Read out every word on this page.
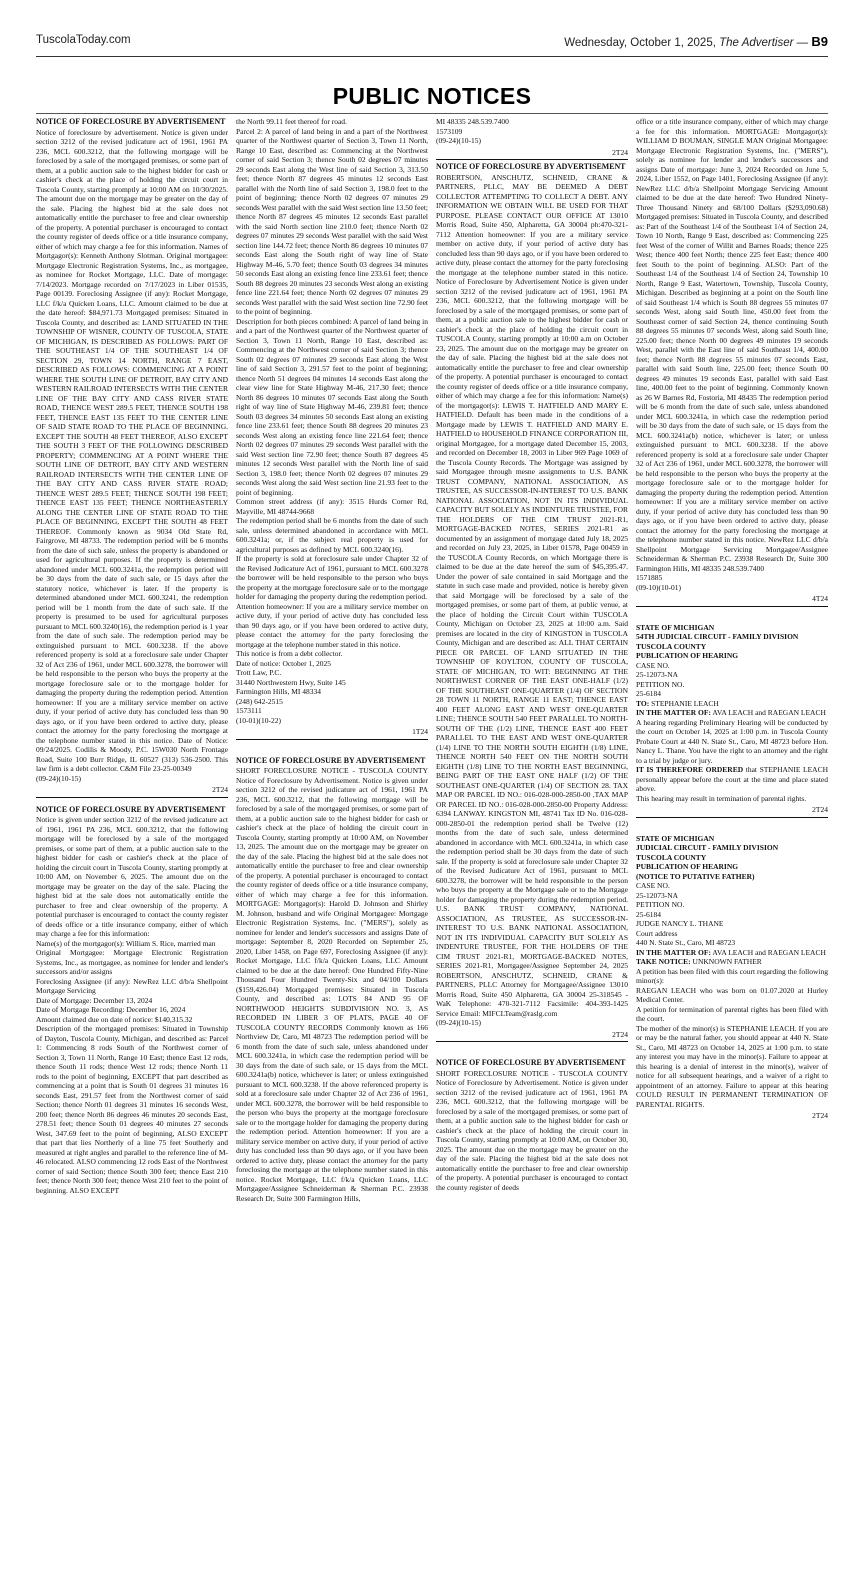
TuscolaToday.com	Wednesday, October 1, 2025, The Advertiser — B9
PUBLIC NOTICES

NOTICE OF FORECLOSURE BY ADVERTISEMENT

Notice of foreclosure by advertisement. Notice is given under section 3212 of the revised judicature act of 1961, 1961 PA 236, MCL 600.3212, that the following mortgage will be foreclosed by a sale of the mortgaged premises, or some part of them, at a public auction sale to the highest bidder for cash or cashier's check at the place of holding the circuit court in Tuscola County, starting promptly at 10:00 AM on 10/30/2025. The amount due on the mortgage may be greater on the day of the sale. Placing the highest bid at the sale does not automatically entitle the purchaser to free and clear ownership of the property. A potential purchaser is encouraged to contact the county register of deeds office or a title insurance company, either of which may charge a fee for this information. Names of Mortgagor(s): Kenneth Anthony Slotman. Original mortgagee: Mortgage Electronic Registration Systems, Inc., as mortgagee, as nominee for Rocket Mortgage, LLC. Date of mortgage: 7/14/2023. Mortgage recorded on 7/17/2023 in Liber 01535, Page 00139. Foreclosing Assignee (if any): Rocket Mortgage, LLC f/k/a Quicken Loans, LLC. Amount claimed to be due at the date hereof: $84,971.73 Mortgaged premises: Situated in Tuscola County, and described as: LAND SITUATED IN THE TOWNSHIP OF WISNER, COUNTY OF TUSCOLA, STATE OF MICHIGAN, IS DESCRIBED AS FOLLOWS: PART OF THE SOUTHEAST 1/4 OF THE SOUTHEAST 1/4 OF SECTION 29, TOWN 14 NORTH, RANGE 7 EAST, DESCRIBED AS FOLLOWS: COMMENCING AT A POINT WHERE THE SOUTH LINE OF DETROIT, BAY CITY AND WESTERN RAILROAD INTERSECTS WITH THE CENTER LINE OF THE BAY CITY AND CASS RIVER STATE ROAD, THENCE WEST 289.5 FEET, THENCE SOUTH 198 FEET, THENCE EAST 135 FEET TO THE CENTER LINE OF SAID STATE ROAD TO THE PLACE OF BEGINNING. EXCEPT THE SOUTH 48 FEET THEREOF, ALSO EXCEPT THE SOUTH 3 FEET OF THE FOLLOWING DESCRIBED PROPERTY; COMMENCING AT A POINT WHERE THE SOUTH LINE OF DETROIT, BAY CITY AND WESTERN RAILROAD INTERSECTS WITH THE CENTER LINE OF THE BAY CITY AND CASS RIVER STATE ROAD; THENCE WEST 289.5 FEET; THENCE SOUTH 198 FEET; THENCE EAST 135 FEET; THENCE NORTHEASTERLY ALONG THE CENTER LINE OF STATE ROAD TO THE PLACE OF BEGINNING, EXCEPT THE SOUTH 48 FEET THEREOF. Commonly known as 9034 Old State Rd, Fairgrove, MI 48733. The redemption period will be 6 months from the date of such sale, unless the property is abandoned or used for agricultural purposes. If the property is determined abandoned under MCL 600.3241a, the redemption period will be 30 days from the date of such sale, or 15 days after the statutory notice, whichever is later. If the property is determined abandoned under MCL 600.3241, the redemption period will be 1 month from the date of such sale. If the property is presumed to be used for agricultural purposes pursuant to MCL 600.3240(16), the redemption period is 1 year from the date of such sale. The redemption period may be extinguished pursuant to MCL 600.3238. If the above referenced property is sold at a foreclosure sale under Chapter 32 of Act 236 of 1961, under MCL 600.3278, the borrower will be held responsible to the person who buys the property at the mortgage foreclosure sale or to the mortgage holder for damaging the property during the redemption period. Attention homeowner: If you are a military service member on active duty, if your period of active duty has concluded less than 90 days ago, or if you have been ordered to active duty, please contact the attorney for the party foreclosing the mortgage at the telephone number stated in this notice. Date of Notice: 09/24/2025. Codilis & Moody, P.C. 15W030 North Frontage Road, Suite 100 Burr Ridge, IL 60527 (313) 536-2500. This law firm is a debt collector. C&M File 23-25-00349

(09-24)(10-15)

2T24

NOTICE OF FORECLOSURE BY ADVERTISEMENT

Notice is given under section 3212 of the revised judicature act of 1961, 1961 PA 236, MCL 600.3212, that the following mortgage will be foreclosed by a sale of the mortgaged premises, or some part of them, at a public auction sale to the highest bidder for cash or cashier's check at the place of holding the circuit court in Tuscola County, starting promptly at 10:00 AM, on November 6, 2025. The amount due on the mortgage may be greater on the day of the sale. Placing the highest bid at the sale does not automatically entitle the purchaser to free and clear ownership of the property. A potential purchaser is encouraged to contact the county register of deeds office or a title insurance company, either of which may charge a fee for this information:

Name(s) of the mortgagor(s): William S. Rice, married man

Original Mortgagee: Mortgage Electronic Registration Systems, Inc., as mortgagee, as nominee for lender and lender's successors and/or assigns

Foreclosing Assignee (if any): NewRez LLC d/b/a Shellpoint Mortgage Servicing

Date of Mortgage: December 13, 2024

Date of Mortgage Recording: December 16, 2024

Amount claimed due on date of notice: $140,315.32

Description of the mortgaged premises: Situated in Township of Dayton, Tuscola County, Michigan, and described as: Parcel 1: Commencing 8 rods South of the Northwest corner of Section 3, Town 11 North, Range 10 East; thence East 12 rods, thence South 11 rods; thence West 12 rods; thence North 11 rods to the point of beginning, EXCEPT that part described as commencing at a point that is South 01 degrees 31 minutes 16 seconds East, 291.57 feet from the Northwest corner of said Section; thence North 01 degrees 31 minutes 16 seconds West, 200 feet; thence North 86 degrees 46 minutes 20 seconds East, 278.51 feet; thence South 01 degrees 40 minutes 27 seconds West, 347.69 feet to the point of beginning, ALSO EXCEPT that part that lies Northerly of a line 75 feet Southerly and measured at right angles and parallel to the reference line of M-46 relocated. ALSO commencing 12 rods East of the Northwest corner of said Section; thence South 300 feet; thence East 210 feet; thence North 300 feet; thence West 210 feet to the point of beginning. ALSO EXCEPT

the North 99.11 feet thereof for road.

Parcel 2: A parcel of land being in and a part of the Northwest quarter of the Northwest quarter of Section 3, Town 11 North, Range 10 East, described as: Commencing at the Northwest corner of said Section 3; thence South 02 degrees 07 minutes 29 seconds East along the West line of said Section 3, 313.50 feet; thence North 87 degrees 45 minutes 12 seconds East parallel with the North line of said Section 3, 198.0 feet to the point of beginning; thence North 02 degrees 07 minutes 29 seconds West parallel with the said West section line 13.50 feet; thence North 87 degrees 45 minutes 12 seconds East parallel with the said North section line 210.0 feet; thence North 02 degrees 07 minutes 29 seconds West parallel with the said West section line 144.72 feet; thence North 86 degrees 10 minutes 07 seconds East along the South right of way line of State Highway M-46, 5.70 feet; thence South 03 degrees 34 minutes 50 seconds East along an existing fence line 233.61 feet; thence South 88 degrees 20 minutes 23 seconds West along an existing fence line 221.64 feet; thence North 02 degrees 07 minutes 29 seconds West parallel with the said West section line 72.90 feet to the point of beginning.

Description for both pieces combined: A parcel of land being in and a part of the Northwest quarter of the Northwest quarter of Section 3, Town 11 North, Range 10 East, described as: Commencing at the Northwest corner of said Section 3; thence South 02 degrees 07 minutes 29 seconds East along the West line of said Section 3, 291.57 feet to the point of beginning; thence North 51 degrees 04 minutes 14 seconds East along the clear view line for State Highway M-46, 217.30 feet; thence North 86 degrees 10 minutes 07 seconds East along the South right of way line of State Highway M-46, 239.81 feet; thence South 03 degrees 34 minutes 50 seconds East along an existing fence line 233.61 feet; thence South 88 degrees 20 minutes 23 seconds West along an existing fence line 221.64 feet; thence North 02 degrees 07 minutes 29 seconds West parallel with the said West section line 72.90 feet; thence South 87 degrees 45 minutes 12 seconds West parallel with the North line of said Section 3, 198.0 feet; thence North 02 degrees 07 minutes 29 seconds West along the said West section line 21.93 feet to the point of beginning.

Common street address (if any): 3515 Hurds Corner Rd, Mayville, MI 48744-9668

The redemption period shall be 6 months from the date of such sale, unless determined abandoned in accordance with MCL 600.3241a; or, if the subject real property is used for agricultural purposes as defined by MCL 600.3240(16).

If the property is sold at foreclosure sale under Chapter 32 of the Revised Judicature Act of 1961, pursuant to MCL 600.3278 the borrower will be held responsible to the person who buys the property at the mortgage foreclosure sale or to the mortgage holder for damaging the property during the redemption period.

Attention homeowner: If you are a military service member on active duty, if your period of active duty has concluded less than 90 days ago, or if you have been ordered to active duty, please contact the attorney for the party foreclosing the mortgage at the telephone number stated in this notice.

This notice is from a debt collector.

Date of notice: October 1, 2025

Trott Law, P.C.

31440 Northwestern Hwy, Suite 145

Farmington Hills, MI 48334

(248) 642-2515

1573111

(10-01)(10-22)

1T24

NOTICE OF FORECLOSURE BY ADVERTISEMENT

SHORT FORECLOSURE NOTICE - TUSCOLA COUNTY Notice of Foreclosure by Advertisement. Notice is given under section 3212 of the revised judicature act of 1961, 1961 PA 236, MCL 600.3212, that the following mortgage will be foreclosed by a sale of the mortgaged premises, or some part of them, at a public auction sale to the highest bidder for cash or cashier's check at the place of holding the circuit court in Tuscola County, starting promptly at 10:00 AM, on November 13, 2025. The amount due on the mortgage may be greater on the day of the sale. Placing the highest bid at the sale does not automatically entitle the purchaser to free and clear ownership of the property. A potential purchaser is encouraged to contact the county register of deeds office or a title insurance company, either of which may charge a fee for this information. MORTGAGE: Mortgagor(s): Harold D. Johnson and Shirley M. Johnson, husband and wife Original Mortgagee: Mortgage Electronic Registration Systems, Inc. ("MERS"), solely as nominee for lender and lender's successors and assigns Date of mortgage: September 8, 2020 Recorded on September 25, 2020, Liber 1458, on Page 697, Foreclosing Assignee (if any): Rocket Mortgage, LLC f/k/a Quicken Loans, LLC Amount claimed to be due at the date hereof: One Hundred Fifty-Nine Thousand Four Hundred Twenty-Six and 04/100 Dollars ($159,426.04) Mortgaged premises: Situated in Tuscola County, and described as: LOTS 84 AND 95 OF NORTHWOOD HEIGHTS SUBDIVISION NO. 3, AS RECORDED IN LIBER 3 OF PLATS, PAGE 40 OF TUSCOLA COUNTY RECORDS Commonly known as 166 Northview Dr, Caro, MI 48723 The redemption period will be 6 month from the date of such sale, unless abandoned under MCL 600.3241a, in which case the redemption period will be 30 days from the date of such sale, or 15 days from the MCL 600.3241a(b) notice, whichever is later; or unless extinguished pursuant to MCL 600.3238. If the above referenced property is sold at a foreclosure sale under Chapter 32 of Act 236 of 1961, under MCL 600.3278, the borrower will be held responsible to the person who buys the property at the mortgage foreclosure sale or to the mortgage holder for damaging the property during the redemption period. Attention homeowner: If you are a military service member on active duty, if your period of active duty has concluded less than 90 days ago, or if you have been ordered to active duty, please contact the attorney for the party foreclosing the mortgage at the telephone number stated in this notice. Rocket Mortgage, LLC f/k/a Quicken Loans, LLC Mortgagee/Assignee Schneiderman & Sherman P.C. 23938 Research Dr, Suite 300 Farmington Hills,

MI 48335 248.539.7400

1573109

(09-24)(10-15)

2T24

NOTICE OF FORECLOSURE BY ADVERTISEMENT

ROBERTSON, ANSCHUTZ, SCHNEID, CRANE & PARTNERS, PLLC, MAY BE DEEMED A DEBT COLLECTOR ATTEMPTING TO COLLECT A DEBT. ANY INFORMATION WE OBTAIN WILL BE USED FOR THAT PURPOSE. PLEASE CONTACT OUR OFFICE AT 13010 Morris Road, Suite 450, Alpharetta, GA 30004 ph:470-321-7112 Attention homeowner: If you are a military service member on active duty, if your period of active duty has concluded less than 90 days ago, or if you have been ordered to active duty, please contact the attorney for the party foreclosing the mortgage at the telephone number stated in this notice. Notice of Foreclosure by Advertisement Notice is given under section 3212 of the revised judicature act of 1961, 1961 PA 236, MCL 600.3212, that the following mortgage will be foreclosed by a sale of the mortgaged premises, or some part of them, at a public auction sale to the highest bidder for cash or cashier's check at the place of holding the circuit court in TUSCOLA County, starting promptly at 10:00 a.m on October 23, 2025. The amount due on the mortgage may be greater on the day of sale. Placing the highest bid at the sale does not automatically entitle the purchaser to free and clear ownership of the property. A potential purchaser is encouraged to contact the county register of deeds office or a title insurance company, either of which may charge a fee for this information: Name(s) of the mortgagor(s): LEWIS T. HATFIELD AND MARY E. HATFIELD. Default has been made in the conditions of a Mortgage made by LEWIS T. HATFIELD AND MARY E. HATFIELD to HOUSEHOLD FINANCE CORPORATION III, original Mortgagee, for a mortgage dated December 15, 2003, and recorded on December 18, 2003 in Liber 969 Page 1069 of the Tuscola County Records. The Mortgage was assigned by said Mortgagee through mesne assignments to U.S. BANK TRUST COMPANY, NATIONAL ASSOCIATION, AS TRUSTEE, AS SUCCESSOR-IN-INTEREST TO U.S. BANK NATIONAL ASSOCIATION, NOT IN ITS INDIVIDUAL CAPACITY BUT SOLELY AS INDENTURE TRUSTEE, FOR THE HOLDERS OF THE CIM TRUST 2021-R1, MORTGAGE-BACKED NOTES, SERIES 2021-R1 as documented by an assignment of mortgage dated July 18, 2025 and recorded on July 23, 2025, in Liber 01578, Page 00459 in the TUSCOLA County Records, on which Mortgage there is claimed to be due at the date hereof the sum of $45,395.47. Under the power of sale contained in said Mortgage and the statute in such case made and provided, notice is hereby given that said Mortgage will be foreclosed by a sale of the mortgaged premises, or some part of them, at public venue, at the place of holding the Circuit Court within TUSCOLA County, Michigan on October 23, 2025 at 10:00 a.m. Said premises are located in the city of KINGSTON in TUSCOLA County, Michigan and are described as: ALL THAT CERTAIN PIECE OR PARCEL OF LAND SITUATED IN THE TOWNSHIP OF KOYLTON, COUNTY OF TUSCOLA, STATE OF MICHIGAN, TO WIT: BEGINNING AT THE NORTHWEST CORNER OF THE EAST ONE-HALF (1/2) OF THE SOUTHEAST ONE-QUARTER (1/4) OF SECTION 28 TOWN 11 NORTH, RANGE 11 EAST; THENCE EAST 400 FEET ALONG EAST AND WEST ONE-QUARTER LINE; THENCE SOUTH 540 FEET PARALLEL TO NORTH-SOUTH OF THE (1/2) LINE, THENCE EAST 400 FEET PARALLEL TO THE EAST AND WEST ONE-QUARTER (1/4) LINE TO THE NORTH SOUTH EIGHTH (1/8) LINE, THENCE NORTH 540 FEET ON THE NORTH SOUTH EIGHTH (1/8) LINE TO THE NORTH EAST BEGINNING, BEING PART OF THE EAST ONE HALF (1/2) OF THE SOUTHEAST ONE-QUARTER (1/4) OF SECTION 28. TAX MAP OR PARCEL ID NO.: 016-028-000-2850-00 ,TAX MAP OR PARCEL ID NO.: 016-028-000-2850-00 Property Address: 6394 LANWAY. KINGSTON MI, 48741 Tax ID No. 016-028-000-2850-01 the redemption period shall be Twelve (12) months from the date of such sale, unless determined abandoned in accordance with MCL 600.3241a, in which case the redemption period shall be 30 days from the date of such sale. If the property is sold at foreclosure sale under Chapter 32 of the Revised Judicature Act of 1961, pursuant to MCL 600.3278, the borrower will be held responsible to the person who buys the property at the Mortgage sale or to the Mortgage holder for damaging the property during the redemption period. U.S. BANK TRUST COMPANY, NATIONAL ASSOCIATION, AS TRUSTEE, AS SUCCESSOR-IN-INTEREST TO U.S. BANK NATIONAL ASSOCIATION, NOT IN ITS INDIVIDUAL CAPACITY BUT SOLELY AS INDENTURE TRUSTEE, FOR THE HOLDERS OF THE CIM TRUST 2021-R1, MORTGAGE-BACKED NOTES, SERIES 2021-R1, Mortgagee/Assignee September 24, 2025 ROBERTSON, ANSCHUTZ, SCHNEID, CRANE & PARTNERS, PLLC Attorney for Mortgagee/Assignee 13010 Morris Road, Suite 450 Alpharetta, GA 30004 25-318545 - WaK Telephone: 470-321-7112 Facsimile: 404-393-1425 Service Email: MIFCLTeam@raslg.com

(09-24)(10-15)

2T24

NOTICE OF FORECLOSURE BY ADVERTISEMENT

SHORT FORECLOSURE NOTICE - TUSCOLA COUNTY Notice of Foreclosure by Advertisement. Notice is given under section 3212 of the revised judicature act of 1961, 1961 PA 236, MCL 600.3212, that the following mortgage will be foreclosed by a sale of the mortgaged premises, or some part of them, at a public auction sale to the highest bidder for cash or cashier's check at the place of holding the circuit court in Tuscola County, starting promptly at 10:00 AM, on October 30, 2025. The amount due on the mortgage may be greater on the day of the sale. Placing the highest bid at the sale does not automatically entitle the purchaser to free and clear ownership of the property. A potential purchaser is encouraged to contact the county register of deeds

office or a title insurance company, either of which may charge a fee for this information. MORTGAGE: Mortgagor(s): WILLIAM D BOUMAN, SINGLE MAN Original Mortgagee: Mortgage Electronic Registration Systems, Inc. ("MERS"), solely as nominee for lender and lender's successors and assigns Date of mortgage: June 3, 2024 Recorded on June 5, 2024, Liber 1552, on Page 1401, Foreclosing Assignee (if any): NewRez LLC d/b/a Shellpoint Mortgage Servicing Amount claimed to be due at the date hereof: Two Hundred Ninety-Three Thousand Ninety and 68/100 Dollars ($293,090.68) Mortgaged premises: Situated in Tuscola County, and described as: Part of the Southeast 1/4 of the Southeast 1/4 of Section 24, Town 10 North, Range 9 East, described as: Commencing 225 feet West of the corner of Willit and Barnes Roads; thence 225 West; thence 400 feet North; thence 225 feet East; thence 400 feet South to the point of beginning. ALSO: Part of the Southeast 1/4 of the Southeast 1/4 of Section 24, Township 10 North, Range 9 East, Watertown, Township, Tuscola County, Michigan. Described as beginning at a point on the South line of said Southeast 1/4 which is South 88 degrees 55 minutes 07 seconds West, along said South line, 450.00 feet from the Southeast corner of said Section 24, thence continuing South 88 degrees 55 minutes 07 seconds West, along said South line, 225.00 feet; thence North 00 degrees 49 minutes 19 seconds West, parallel with the East line of said Southeast 1/4, 400.00 feet; thence North 88 degrees 55 minutes 07 seconds East, parallel with said South line, 225.00 feet; thence South 00 degrees 49 minutes 19 seconds East, parallel with said East line, 400.00 feet to the point of beginning. Commonly known as 26 W Barnes Rd, Fostoria, MI 48435 The redemption period will be 6 month from the date of such sale, unless abandoned under MCL 600.3241a, in which case the redemption period will be 30 days from the date of such sale, or 15 days from the MCL 600.3241a(b) notice, whichever is later; or unless extinguished pursuant to MCL 600.3238. If the above referenced property is sold at a foreclosure sale under Chapter 32 of Act 236 of 1961, under MCL 600.3278, the borrower will be held responsible to the person who buys the property at the mortgage foreclosure sale or to the mortgage holder for damaging the property during the redemption period. Attention homeowner: If you are a military service member on active duty, if your period of active duty has concluded less than 90 days ago, or if you have been ordered to active duty, please contact the attorney for the party foreclosing the mortgage at the telephone number stated in this notice. NewRez LLC d/b/a Shellpoint Mortgage Servicing Mortgagee/Assignee Schneiderman & Sherman P.C. 23938 Research Dr, Suite 300 Farmington Hills, MI 48335 248.539.7400

1571885

(09-10)(10-01)

4T24

STATE OF MICHIGAN

54TH JUDICIAL CIRCUIT - FAMILY DIVISION

TUSCOLA COUNTY

PUBLICATION OF HEARING

CASE NO.

25-12073-NA

PETITION NO.

25-6184

TO: STEPHANIE LEACH

IN THE MATTER OF: AVA LEACH and RAEGAN LEACH

A hearing regarding Preliminary Hearing will be conducted by the court on October 14, 2025 at 1:00 p.m. in Tuscola County Probate Court at 440 N. State St., Caro, MI 48723 before Hon. Nancy L. Thane. You have the right to an attorney and the right to a trial by judge or jury.

IT IS THEREFORE ORDERED that STEPHANIE LEACH personally appear before the court at the time and place stated above.

This hearing may result in termination of parental rights.

2T24

STATE OF MICHIGAN

JUDICIAL CIRCUIT - FAMILY DIVISION

TUSCOLA COUNTY

PUBLICATION OF HEARING

(NOTICE TO PUTATIVE FATHER)

CASE NO.

25-12073-NA

PETITION NO.

25-6184

JUDGE NANCY L. THANE

Court address

440 N. State St., Caro, MI 48723

IN THE MATTER OF: AVA LEACH and RAEGAN LEACH

TAKE NOTICE: UNKNOWN FATHER

A petition has been filed with this court regarding the following minor(s):

RAEGAN LEACH who was born on 01.07.2020 at Hurley Medical Center.

A petition for termination of parental rights has been filed with the court.

The mother of the minor(s) is STEPHANIE LEACH. If you are or may be the natural father, you should appear at 440 N. State St., Caro, MI 48723 on October 14, 2025 at 1:00 p.m. to state any interest you may have in the minor(s). Failure to appear at this hearing is a denial of interest in the minor(s), waiver of notice for all subsequent hearings, and a waiver of a right to appointment of an attorney. Failure to appear at this hearing COULD RESULT IN PERMANENT TERMINATION OF PARENTAL RIGHTS.

2T24
